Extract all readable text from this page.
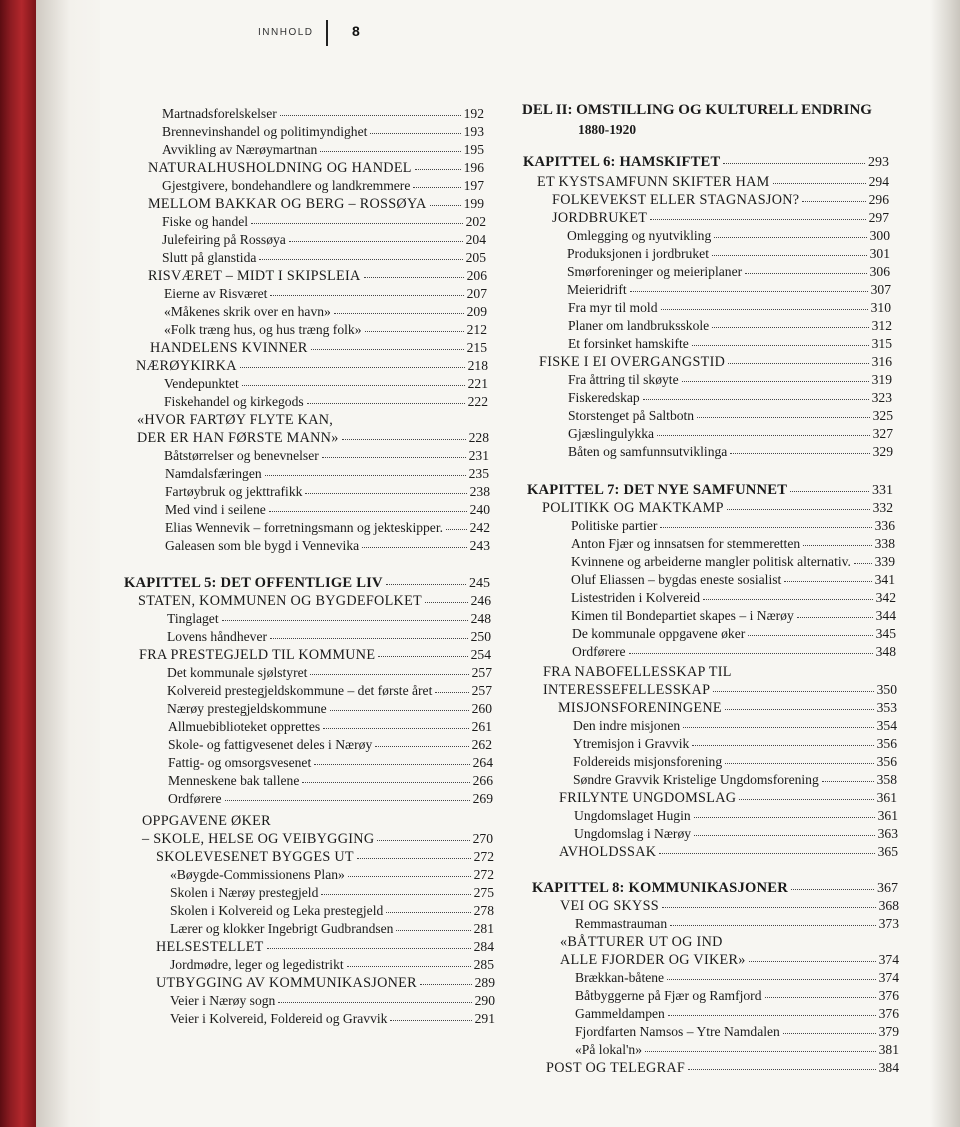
INNHOLD	8
Martnadsforelskelser	192
Brennevinshandel og politimyndighet	193
Avvikling av Nærøymartnan	195
NATURALHUSHOLDNING OG HANDEL	196
Gjestgivere, bondehandlere og landkremmere	197
MELLOM BAKKAR OG BERG – ROSSØYA	199
Fiske og handel	202
Julefeiring på Rossøya	204
Slutt på glanstida	205
RISVÆRET – MIDT I SKIPSLEIA	206
Eierne av Risværet	207
«Måkenes skrik over en havn»	209
«Folk træng hus, og hus træng folk»	212
HANDELENS KVINNER	215
NÆRØYKIRKA	218
Vendepunktet	221
Fiskehandel og kirkegods	222
«HVOR FARTØY FLYTE KAN,
DER ER HAN FØRSTE MANN»	228
Båtstørrelser og benevnelser	231
Namdalsfæringen	235
Fartøybruk og jekttrafikk	238
Med vind i seilene	240
Elias Wennevik – forretningsmann og jekteskipper. 242
Galeasen som ble bygd i Vennevika	243
KAPITTEL 5: DET OFFENTLIGE LIV	245
STATEN, KOMMUNEN OG BYGDEFOLKET	246
Tinglaget	248
Lovens håndhever	250
FRA PRESTEGJELD TIL KOMMUNE	254
Det kommunale sjølstyret	257
Kolvereid prestegjeldskommune – det første året	257
Nærøy prestegjeldskommune	260
Allmuebiblioteket opprettes	261
Skole- og fattigvesenet deles i Nærøy	262
Fattig- og omsorgsvesenet	264
Menneskene bak tallene	266
Ordførere	269
OPPGAVENE ØKER
– SKOLE, HELSE OG VEIBYGGING	270
SKOLEVESENET BYGGES UT	272
«Bøygde-Commissionens Plan»	272
Skolen i Nærøy prestegjeld	275
Skolen i Kolvereid og Leka prestegjeld	278
Lærer og klokker Ingebrigt Gudbrandsen	281
HELSESTELLET	284
Jordmødre, leger og legedistrikt	285
UTBYGGING AV KOMMUNIKASJONER	289
Veier i Nærøy sogn	290
Veier i Kolvereid, Foldereid og Gravvik	291
DEL II: OMSTILLING OG KULTURELL ENDRING
1880-1920
KAPITTEL 6: HAMSKIFTET	293
ET KYSTSAMFUNN SKIFTER HAM	294
FOLKEVEKST ELLER STAGNASJON?	296
JORDBRUKET	297
Omlegging og nyutvikling	300
Produksjonen i jordbruket	301
Smørforeninger og meieriplaner	306
Meieridrift	307
Fra myr til mold	310
Planer om landbruksskole	312
Et forsinket hamskifte	315
FISKE I EI OVERGANGSTID	316
Fra åttring til skøyte	319
Fiskeredskap	323
Storstenget på Saltbotn	325
Gjæslingulykka	327
Båten og samfunnsutviklinga	329
KAPITTEL 7: DET NYE SAMFUNNET	331
POLITIKK OG MAKTKAMP	332
Politiske partier	336
Anton Fjær og innsatsen for stemmeretten	338
Kvinnene og arbeiderne mangler politisk alternativ. 339
Oluf Eliassen – bygdas eneste sosialist	341
Listestriden i Kolvereid	342
Kimen til Bondepartiet skapes – i Nærøy	344
De kommunale oppgavene øker	345
Ordførere	348
FRA NABOFELLESSKAP TIL
INTERESSEFELLESSKAP	350
MISJONSFORENINGENE	353
Den indre misjonen	354
Ytremisjon i Gravvik	356
Foldereids misjonsforening	356
Søndre Gravvik Kristelige Ungdomsforening	358
FRILYNTE UNGDOMSLAG	361
Ungdomslaget Hugin	361
Ungdomslag i Nærøy	363
AVHOLDSSAK	365
KAPITTEL 8: KOMMUNIKASJONER	367
VEI OG SKYSS	368
Remmastrauman	373
«BÅTTURER UT OG IND
ALLE FJORDER OG VIKER»	374
Brækkan-båtene	374
Båtbyggerne på Fjær og Ramfjord	376
Gammeldampen	376
Fjordfarten Namsos – Ytre Namdalen	379
«På lokal'n»	381
POST OG TELEGRAF	384
